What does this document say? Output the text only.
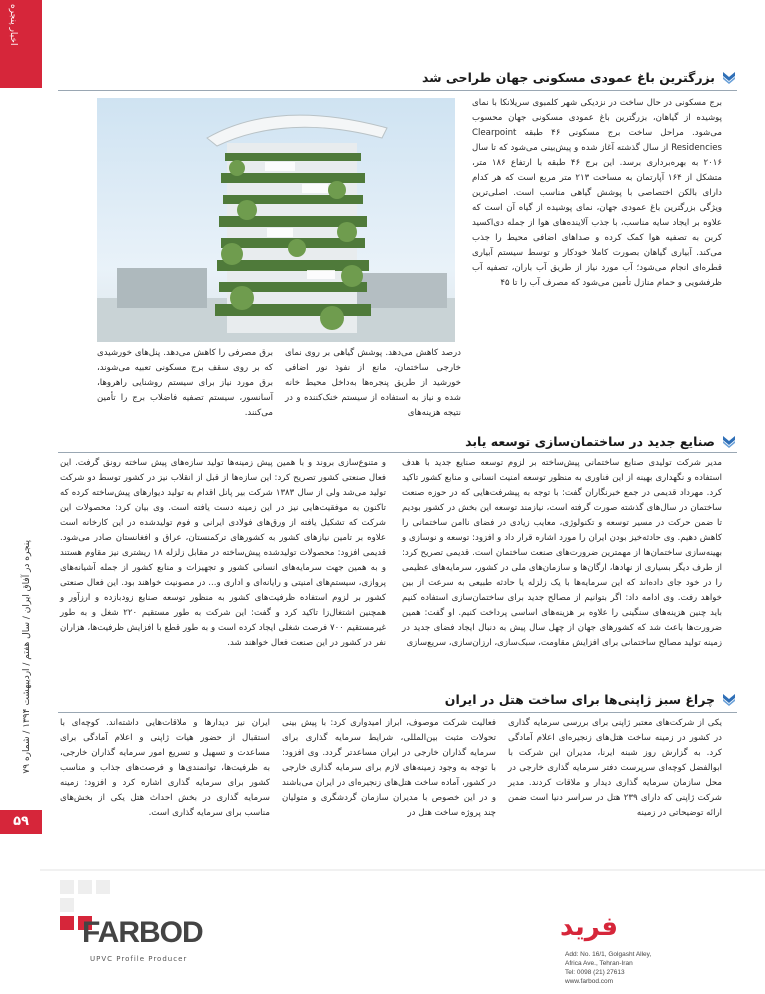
اخبار پنجره
پنجره در آفاق ایران / سال هفتم / اردیبهشت ۱۳۹۴ / شماره ۷۹
۵۹
بزرگترین باغ عمودی مسکونی جهان طراحی شد
برج مسکونی در حال ساخت در نزدیکی شهر کلمبوی سریلانکا با نمای پوشیده از گیاهان، بزرگترین باغ عمودی مسکونی جهان محسوب می‌شود. مراحل ساخت برج مسکونی ۴۶ طبقه Clearpoint Residencies از سال گذشته آغاز شده و پیش‌بینی می‌شود که تا سال ۲۰۱۶ به بهره‌برداری برسد. این برج ۴۶ طبقه با ارتفاع ۱۸۶ متر، متشکل از ۱۶۴ آپارتمان به مساحت ۲۱۳ متر مربع است که هر کدام دارای بالکن اختصاصی با پوشش گیاهی مناسب است. اصلی‌ترین ویژگی بزرگترین باغ عمودی جهان، نمای پوشیده از گیاه آن است که علاوه بر ایجاد سایه مناسب، با جذب آلاینده‌های هوا از جمله دی‌اکسید کربن به تصفیه هوا کمک کرده و صداهای اضافی محیط را جذب می‌کند. آبیاری گیاهان بصورت کاملا خودکار و توسط سیستم آبیاری قطره‌ای انجام می‌شود؛ آب مورد نیاز از طریق آب باران، تصفیه آب ظرفشویی و حمام منازل تأمین می‌شود که مصرف آب را تا ۴۵
درصد کاهش می‌دهد. پوشش گیاهی بر روی نمای خارجی ساختمان، مانع از نفوذ نور اضافی خورشید از طریق پنجره‌ها به‌داخل محیط خانه شده و نیاز به استفاده از سیستم خنک‌کننده و در نتیجه هزینه‌های
برق مصرفی را کاهش می‌دهد. پنل‌های خورشیدی که بر روی سقف برج مسکونی تعبیه می‌شوند، برق مورد نیاز برای سیستم روشنایی راهروها، آسانسور، سیستم تصفیه فاضلاب برج را تأمین می‌کنند.
صنایع جدید در ساختمان‌سازی توسعه یابد
مدیر شرکت تولیدی صنایع ساختمانی پیش‌ساخته بر لزوم توسعه صنایع جدید با هدف استفاده و نگهداری بهینه از این فناوری به منظور توسعه امنیت انسانی و منابع کشور تاکید کرد. مهرداد قدیمی در جمع خبرنگاران گفت: با توجه به پیشرفت‌هایی که در حوزه صنعت ساختمان در سال‌های گذشته صورت گرفته است، نیازمند توسعه این بخش در کشور بودیم تا ضمن حرکت در مسیر توسعه و تکنولوژی، معایب زیادی در فضای ناامن ساختمانی را کاهش دهیم. وی حادثه‌خیز بودن ایران را مورد اشاره قرار داد و افزود: توسعه و نوسازی و بهینه‌سازی ساختمان‌ها از مهمترین ضرورت‌های صنعت ساختمان است. قدیمی تصریح کرد: از طرف دیگر بسیاری از نهادها، ارگان‌ها و سازمان‌های ملی در کشور، سرمایه‌های عظیمی را در خود جای داده‌اند که این سرمایه‌ها با یک زلزله یا حادثه طبیعی به سرعت از بین خواهد رفت. وی ادامه داد: اگر بتوانیم از مصالح جدید برای ساختمان‌سازی استفاده کنیم باید چنین هزینه‌های سنگینی را علاوه بر هزینه‌های اساسی پرداخت کنیم. او گفت: همین ضرورت‌ها باعث شد که کشورهای جهان از چهل سال پیش به دنبال ایجاد فضای جدید در زمینه تولید مصالح ساختمانی برای افزایش مقاومت، سبک‌سازی، ارزان‌سازی، سریع‌سازی
و متنوع‌سازی بروند و با همین پیش زمینه‌ها تولید سازه‌های پیش ساخته رونق گرفت. این فعال صنعتی کشور تصریح کرد: این سازه‌ها از قبل از انقلاب نیز در کشور توسط دو شرکت تولید می‌شد ولی از سال ۱۳۸۳ شرکت بیر پانل اقدام به تولید دیوارهای پیش‌ساخته کرده که تاکنون به موفقیت‌هایی نیز در این زمینه دست یافته است. وی بیان کرد: محصولات این شرکت که تشکیل یافته از ورق‌های فولادی ایرانی و فوم تولید‌شده در این کارخانه است علاوه بر تامین نیازهای کشور به کشورهای ترکمنستان، عراق و افغانستان صادر می‌شود. قدیمی افزود: محصولات تولیدشده پیش‌ساخته در مقابل زلزله ۱۸ ریشتری نیز مقاوم هستند و به همین جهت سرمایه‌های انسانی کشور و تجهیزات و منابع کشور از جمله آشیانه‌های پروازی، سیستم‌های امنیتی و رایانه‌ای و اداری و... در مصونیت خواهند بود. این فعال صنعتی کشور بر لزوم استفاده ظرفیت‌های کشور به منظور توسعه صنایع زودبازده و ارزآور و همچنین اشتغال‌زا تاکید کرد و گفت: این شرکت به طور مستقیم ۲۲۰ شغل و به طور غیرمستقیم ۷۰۰ فرصت شغلی ایجاد کرده است و به طور قطع با افزایش ظرفیت‌ها، هزاران نفر در کشور در این صنعت فعال خواهند شد.
چراغ سبز ژاپنی‌ها برای ساخت هتل در ایران
یکی از شرکت‌های معتبر ژاپنی برای بررسی سرمایه گذاری در کشور در زمینه ساخت هتل‌های زنجیره‌ای اعلام آمادگی کرد. به گزارش روز شبنه ایرنا، مدیران این شرکت با ابوالفضل کوچه‌ای سرپرست دفتر سرمایه گذاری خارجی در محل سازمان سرمایه گذاری دیدار و ملاقات کردند. مدیر شرکت ژاپنی که دارای ۲۳۹ هتل در سراسر دنیا است ضمن ارائه توضیحاتی در زمینه
فعالیت شرکت موصوف، ابراز امیدواری کرد: با پیش بینی تحولات مثبت بین‌المللی، شرایط سرمایه گذاری برای سرمایه گذاران خارجی در ایران مساعدتر گردد. وی افزود: با توجه به وجود زمینه‌های لازم برای سرمایه گذاری خارجی در کشور، آماده ساخت هتل‌های زنجیره‌ای در ایران می‌باشند و در این خصوص با مدیران سازمان گردشگری و متولیان چند پروژه ساخت هتل در
ایران نیز دیدارها و ملاقات‌هایی داشته‌اند. کوچه‌ای با استقبال از حضور هیات ژاپنی و اعلام آمادگی برای مساعدت و تسهیل و تسریع امور سرمایه گذاران خارجی، به ظرفیت‌ها، توانمندی‌ها و فرصت‌های جذاب و مناسب کشور برای سرمایه گذاری اشاره کرد و افزود: زمینه سرمایه گذاری در بخش احداث هتل یکی از بخش‌های مناسب برای سرمایه گذاری است.
FARBOD
UPVC Profile Producer
فرید
Add: No. 16/1, Golgasht Alley,
Africa Ave., Tehran-Iran
Tel: 0098 (21) 27613
www.farbod.com
